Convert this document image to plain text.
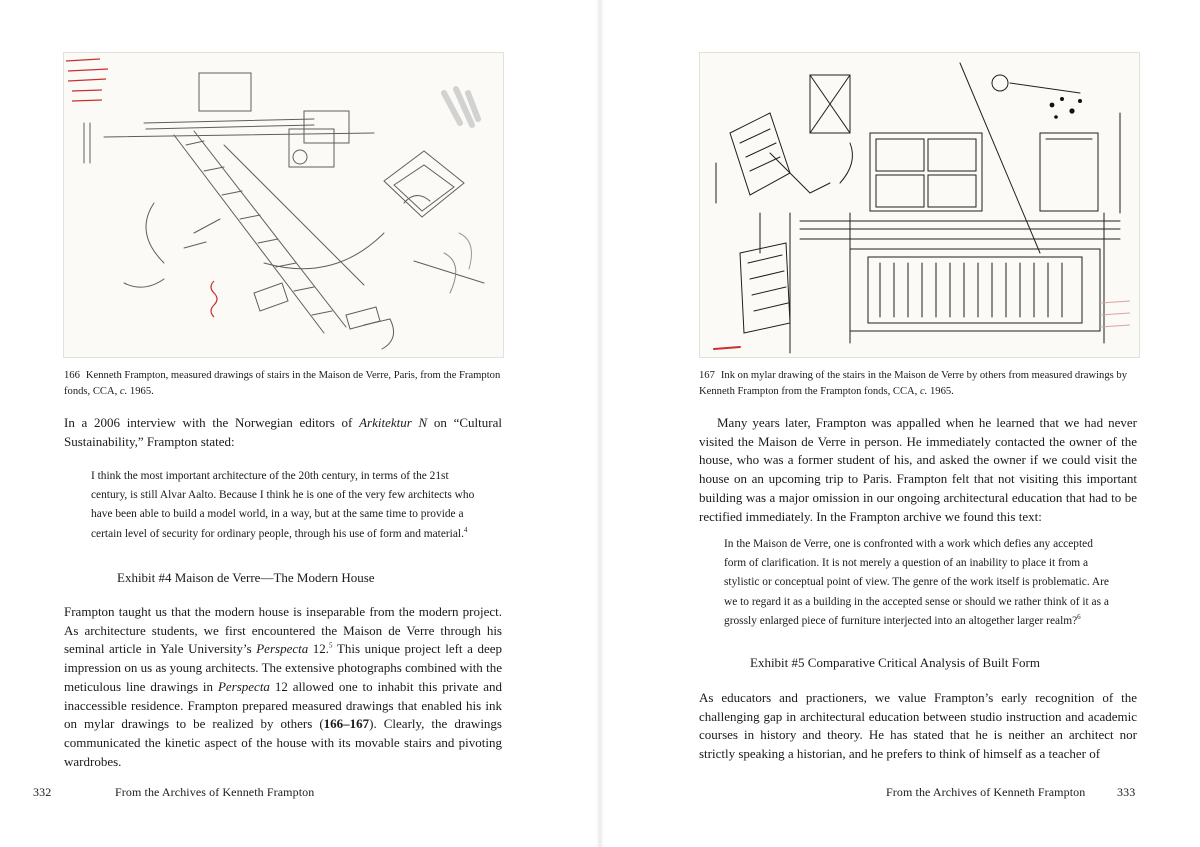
166 Kenneth Frampton, measured drawings of stairs in the Maison de Verre, Paris, from the Frampton fonds, CCA, c. 1965.

In a 2006 interview with the Norwegian editors of Arkitektur N on “Cultural Sustainability,” Frampton stated:

I think the most important architecture of the 20th century, in terms of the 21st century, is still Alvar Aalto. Because I think he is one of the very few architects who have been able to build a model world, in a way, but at the same time to provide a certain level of security for ordinary people, through his use of form and material.$^4$

Exhibit #4 Maison de Verre—The Modern House

Frampton taught us that the modern house is inseparable from the modern project. As architecture students, we first encountered the Maison de Verre through his seminal article in Yale University’s Perspecta 12.$^5$ This unique project left a deep impression on us as young architects. The extensive photographs combined with the meticulous line drawings in Perspecta 12 allowed one to inhabit this private and inaccessible residence. Frampton prepared measured drawings that enabled his ink on mylar drawings to be realized by others (166–167). Clearly, the drawings communicated the kinetic aspect of the house with its movable stairs and pivoting wardrobes.

332	From the Archives of Kenneth Frampton
167 Ink on mylar drawing of the stairs in the Maison de Verre by others from measured drawings by Kenneth Frampton from the Frampton fonds, CCA, c. 1965.

Many years later, Frampton was appalled when he learned that we had never visited the Maison de Verre in person. He immediately contacted the owner of the house, who was a former student of his, and asked the owner if we could visit the house on an upcoming trip to Paris. Frampton felt that not visiting this important building was a major omission in our ongoing architectural education that had to be rectified immediately. In the Frampton archive we found this text:

In the Maison de Verre, one is confronted with a work which defies any accepted form of clarification. It is not merely a question of an inability to place it from a stylistic or conceptual point of view. The genre of the work itself is problematic. Are we to regard it as a building in the accepted sense or should we rather think of it as a grossly enlarged piece of furniture interjected into an altogether larger realm?$^6$

Exhibit #5 Comparative Critical Analysis of Built Form

As educators and practioners, we value Frampton’s early recognition of the challenging gap in architectural education between studio instruction and academic courses in history and theory. He has stated that he is neither an architect nor strictly speaking a historian, and he prefers to think of himself as a teacher of

From the Archives of Kenneth Frampton	333
